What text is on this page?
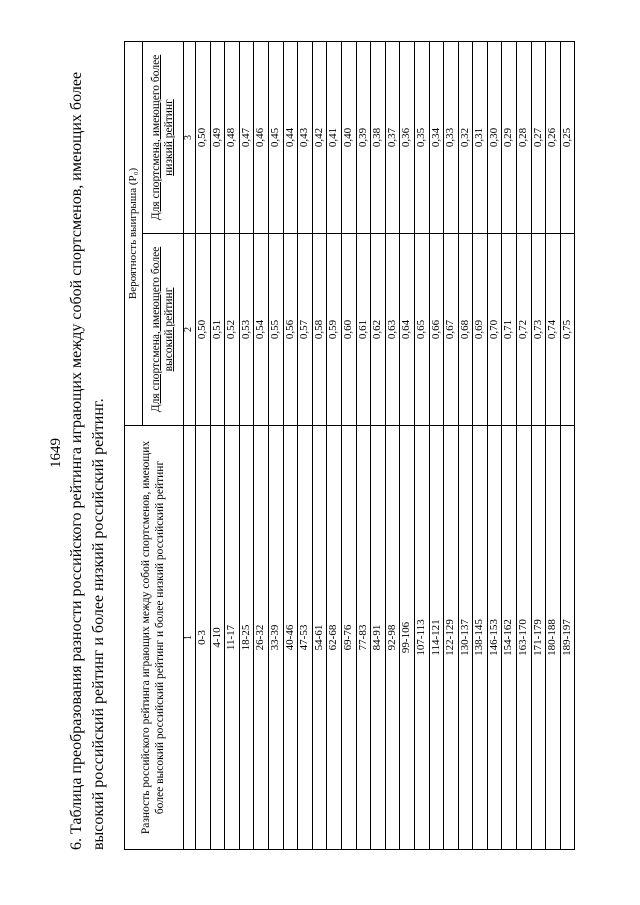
1649 6. Таблица преобразования разности российского рейтинга играющих между собой спортсменов, имеющих более высокий российский рейтинг и более низкий российский рейтинг.	Разность российского рейтинга играющих между собой спортсменов, имеющих более высокий российский рейтинг и более низкий российский рейтинг	Вероятность выигрыша (P₀)	
	Для спортсмена, имеющего более высокий рейтинг	Для спортсмена, имеющего более низкий рейтинг
1	2	3
0-3	0,50	0,50
4-10	0,51	0,49
11-17	0,52	0,48
18-25	0,53	0,47
26-32	0,54	0,46
33-39	0,55	0,45
40-46	0,56	0,44
47-53	0,57	0,43
54-61	0,58	0,42
62-68	0,59	0,41
69-76	0,60	0,40
77-83	0,61	0,39
84-91	0,62	0,38
92-98	0,63	0,37
99-106	0,64	0,36
107-113	0,65	0,35
114-121	0,66	0,34
122-129	0,67	0,33
130-137	0,68	0,32
138-145	0,69	0,31
146-153	0,70	0,30
154-162	0,71	0,29
163-170	0,72	0,28
171-179	0,73	0,27
180-188	0,74	0,26
189-197	0,75	0,25
